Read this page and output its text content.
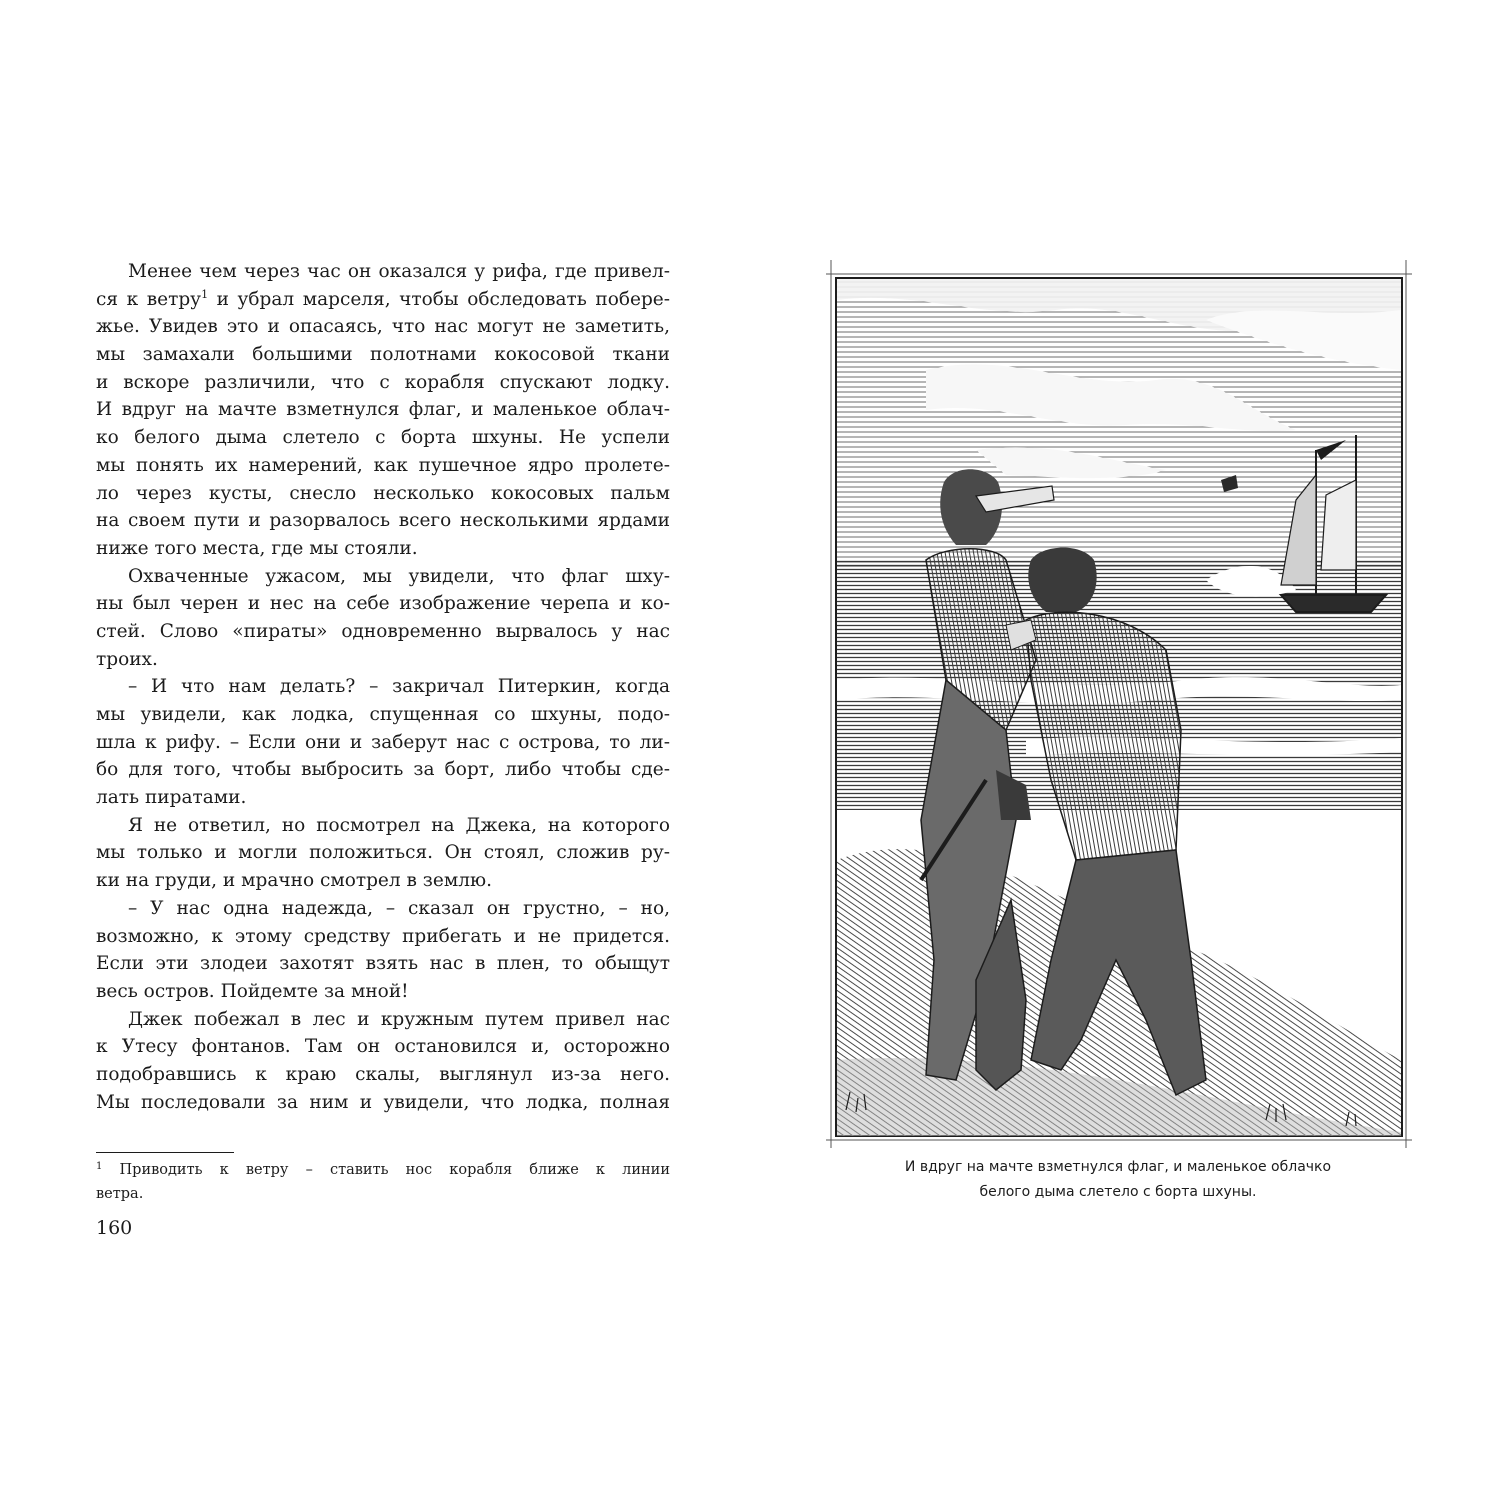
Менее чем через час он оказался у рифа, где привел-
ся к ветру$^1$ и убрал марселя, чтобы обследовать побере-
жье. Увидев это и опасаясь, что нас могут не заметить,
мы замахали большими полотнами кокосовой ткани
и вскоре различили, что с корабля спускают лодку.
И вдруг на мачте взметнулся флаг, и маленькое облач-
ко белого дыма слетело с борта шхуны. Не успели
мы понять их намерений, как пушечное ядро пролете-
ло через кусты, снесло несколько кокосовых пальм
на своем пути и разорвалось всего несколькими ярдами
ниже того места, где мы стояли.
Охваченные ужасом, мы увидели, что флаг шху-
ны был черен и нес на себе изображение черепа и ко-
стей. Слово «пираты» одновременно вырвалось у нас
троих.
– И что нам делать? – закричал Питеркин, когда
мы увидели, как лодка, спущенная со шхуны, подо-
шла к рифу. – Если они и заберут нас с острова, то ли-
бо для того, чтобы выбросить за борт, либо чтобы сде-
лать пиратами.
Я не ответил, но посмотрел на Джека, на которого
мы только и могли положиться. Он стоял, сложив ру-
ки на груди, и мрачно смотрел в землю.
– У нас одна надежда, – сказал он грустно, – но,
возможно, к этому средству прибегать и не придется.
Если эти злодеи захотят взять нас в плен, то обыщут
весь остров. Пойдемте за мной!
Джек побежал в лес и кружным путем привел нас
к Утесу фонтанов. Там он остановился и, осторожно
подобравшись к краю скалы, выглянул из-за него.
Мы последовали за ним и увидели, что лодка, полная
$^1$ Приводить к ветру – ставить нос корабля ближе к линии
ветра.
160
И вдруг на мачте взметнулся флаг, и маленькое облачко
белого дыма слетело с борта шхуны.
